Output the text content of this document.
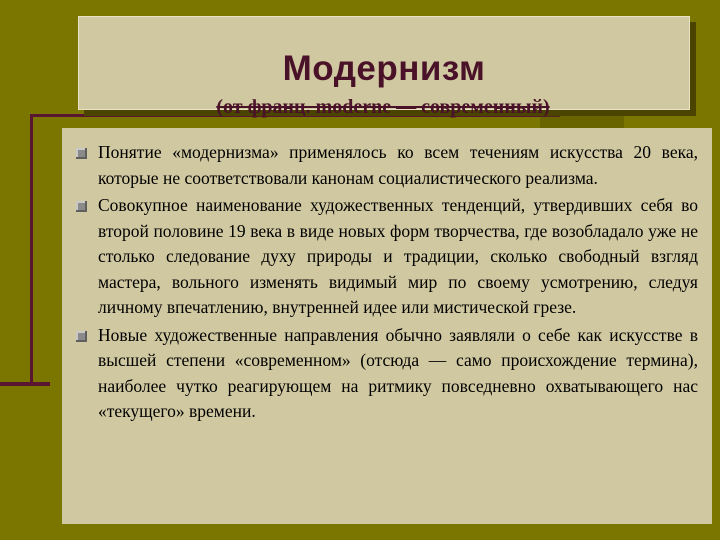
Модернизм
Понятие «модернизма» применялось ко всем течениям искусства 20 века, которые не соответствовали канонам социалистического реализма.
Совокупное наименование художественных тенденций, утвердивших себя во второй половине 19 века в виде новых форм творчества, где возобладало уже не столько следование духу природы и традиции, сколько свободный взгляд мастера, вольного изменять видимый мир по своему усмотрению, следуя личному впечатлению, внутренней идее или мистической грезе.
Новые художественные направления обычно заявляли о себе как искусстве в высшей степени «современном» (отсюда — само происхождение термина), наиболее чутко реагирующем на ритмику повседневно охватывающего нас «текущего» времени.
(от франц. moderne — современный)
